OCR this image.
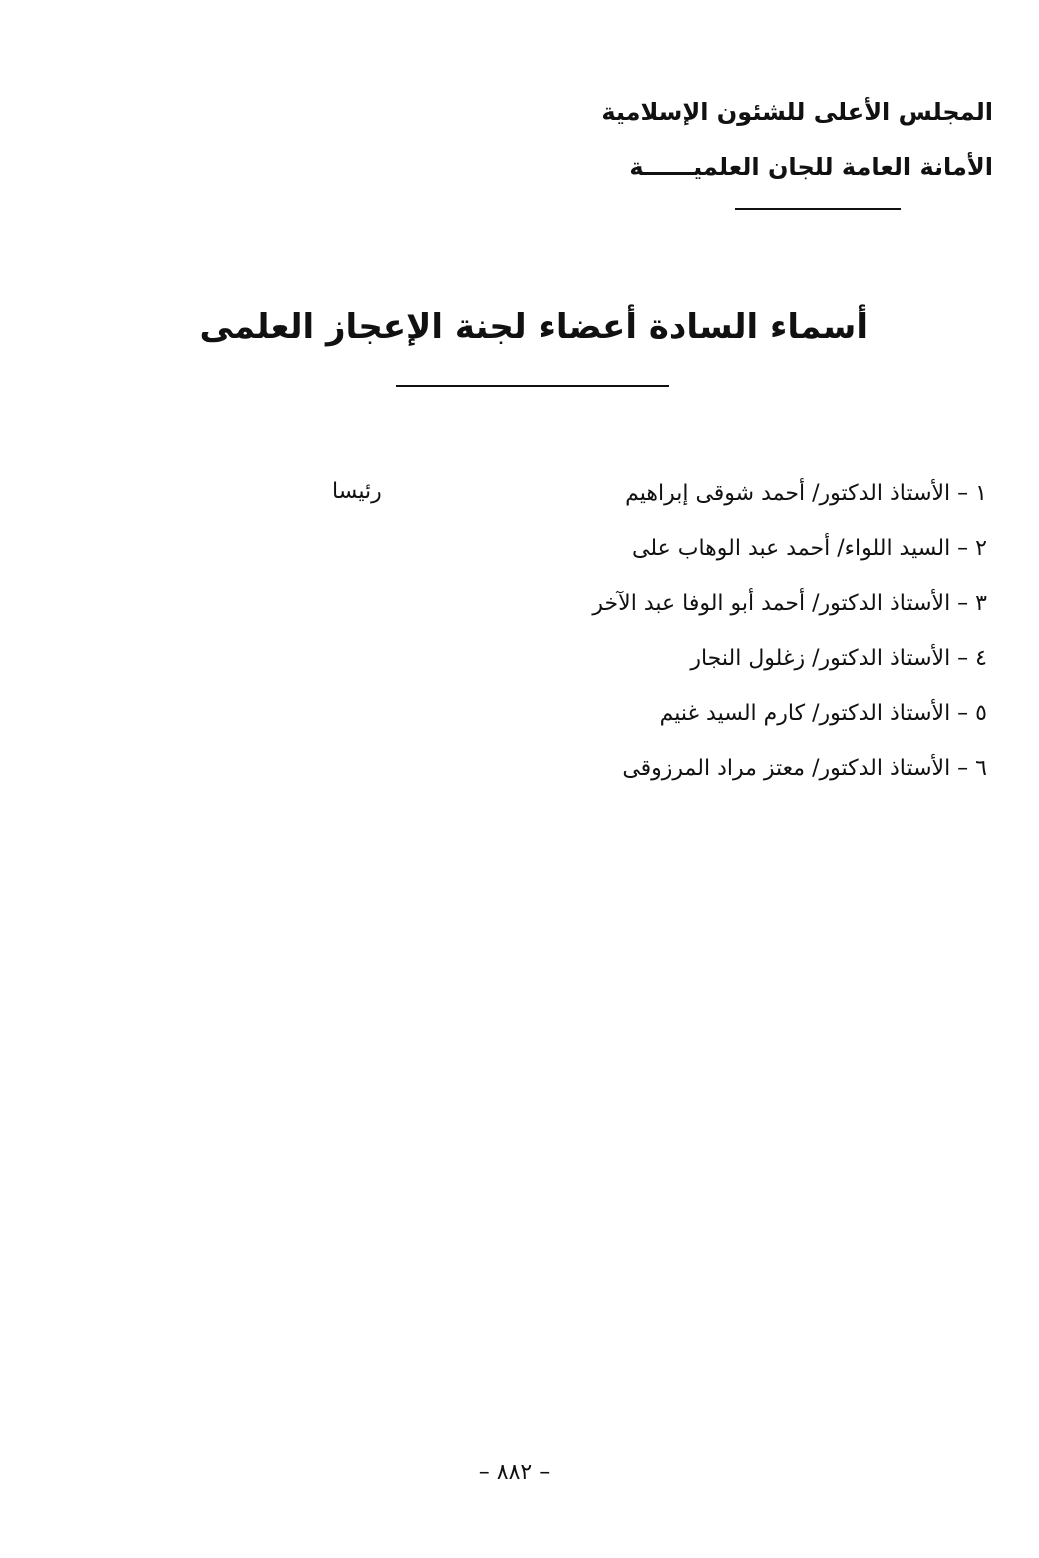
المجلس الأعلى للشئون الإسلامية
الأمانة العامة للجان العلميــــــة
أسماء السادة أعضاء لجنة الإعجاز العلمى
١ – الأستاذ الدكتور/ أحمد شوقى إبراهيم
رئيسا
٢ – السيد اللواء/ أحمد عبد الوهاب على
٣ – الأستاذ الدكتور/ أحمد أبو الوفا عبد الآخر
٤ – الأستاذ الدكتور/ زغلول النجار
٥ – الأستاذ الدكتور/ كارم السيد غنيم
٦ – الأستاذ الدكتور/ معتز مراد المرزوقى
– ٨٨٢ –
